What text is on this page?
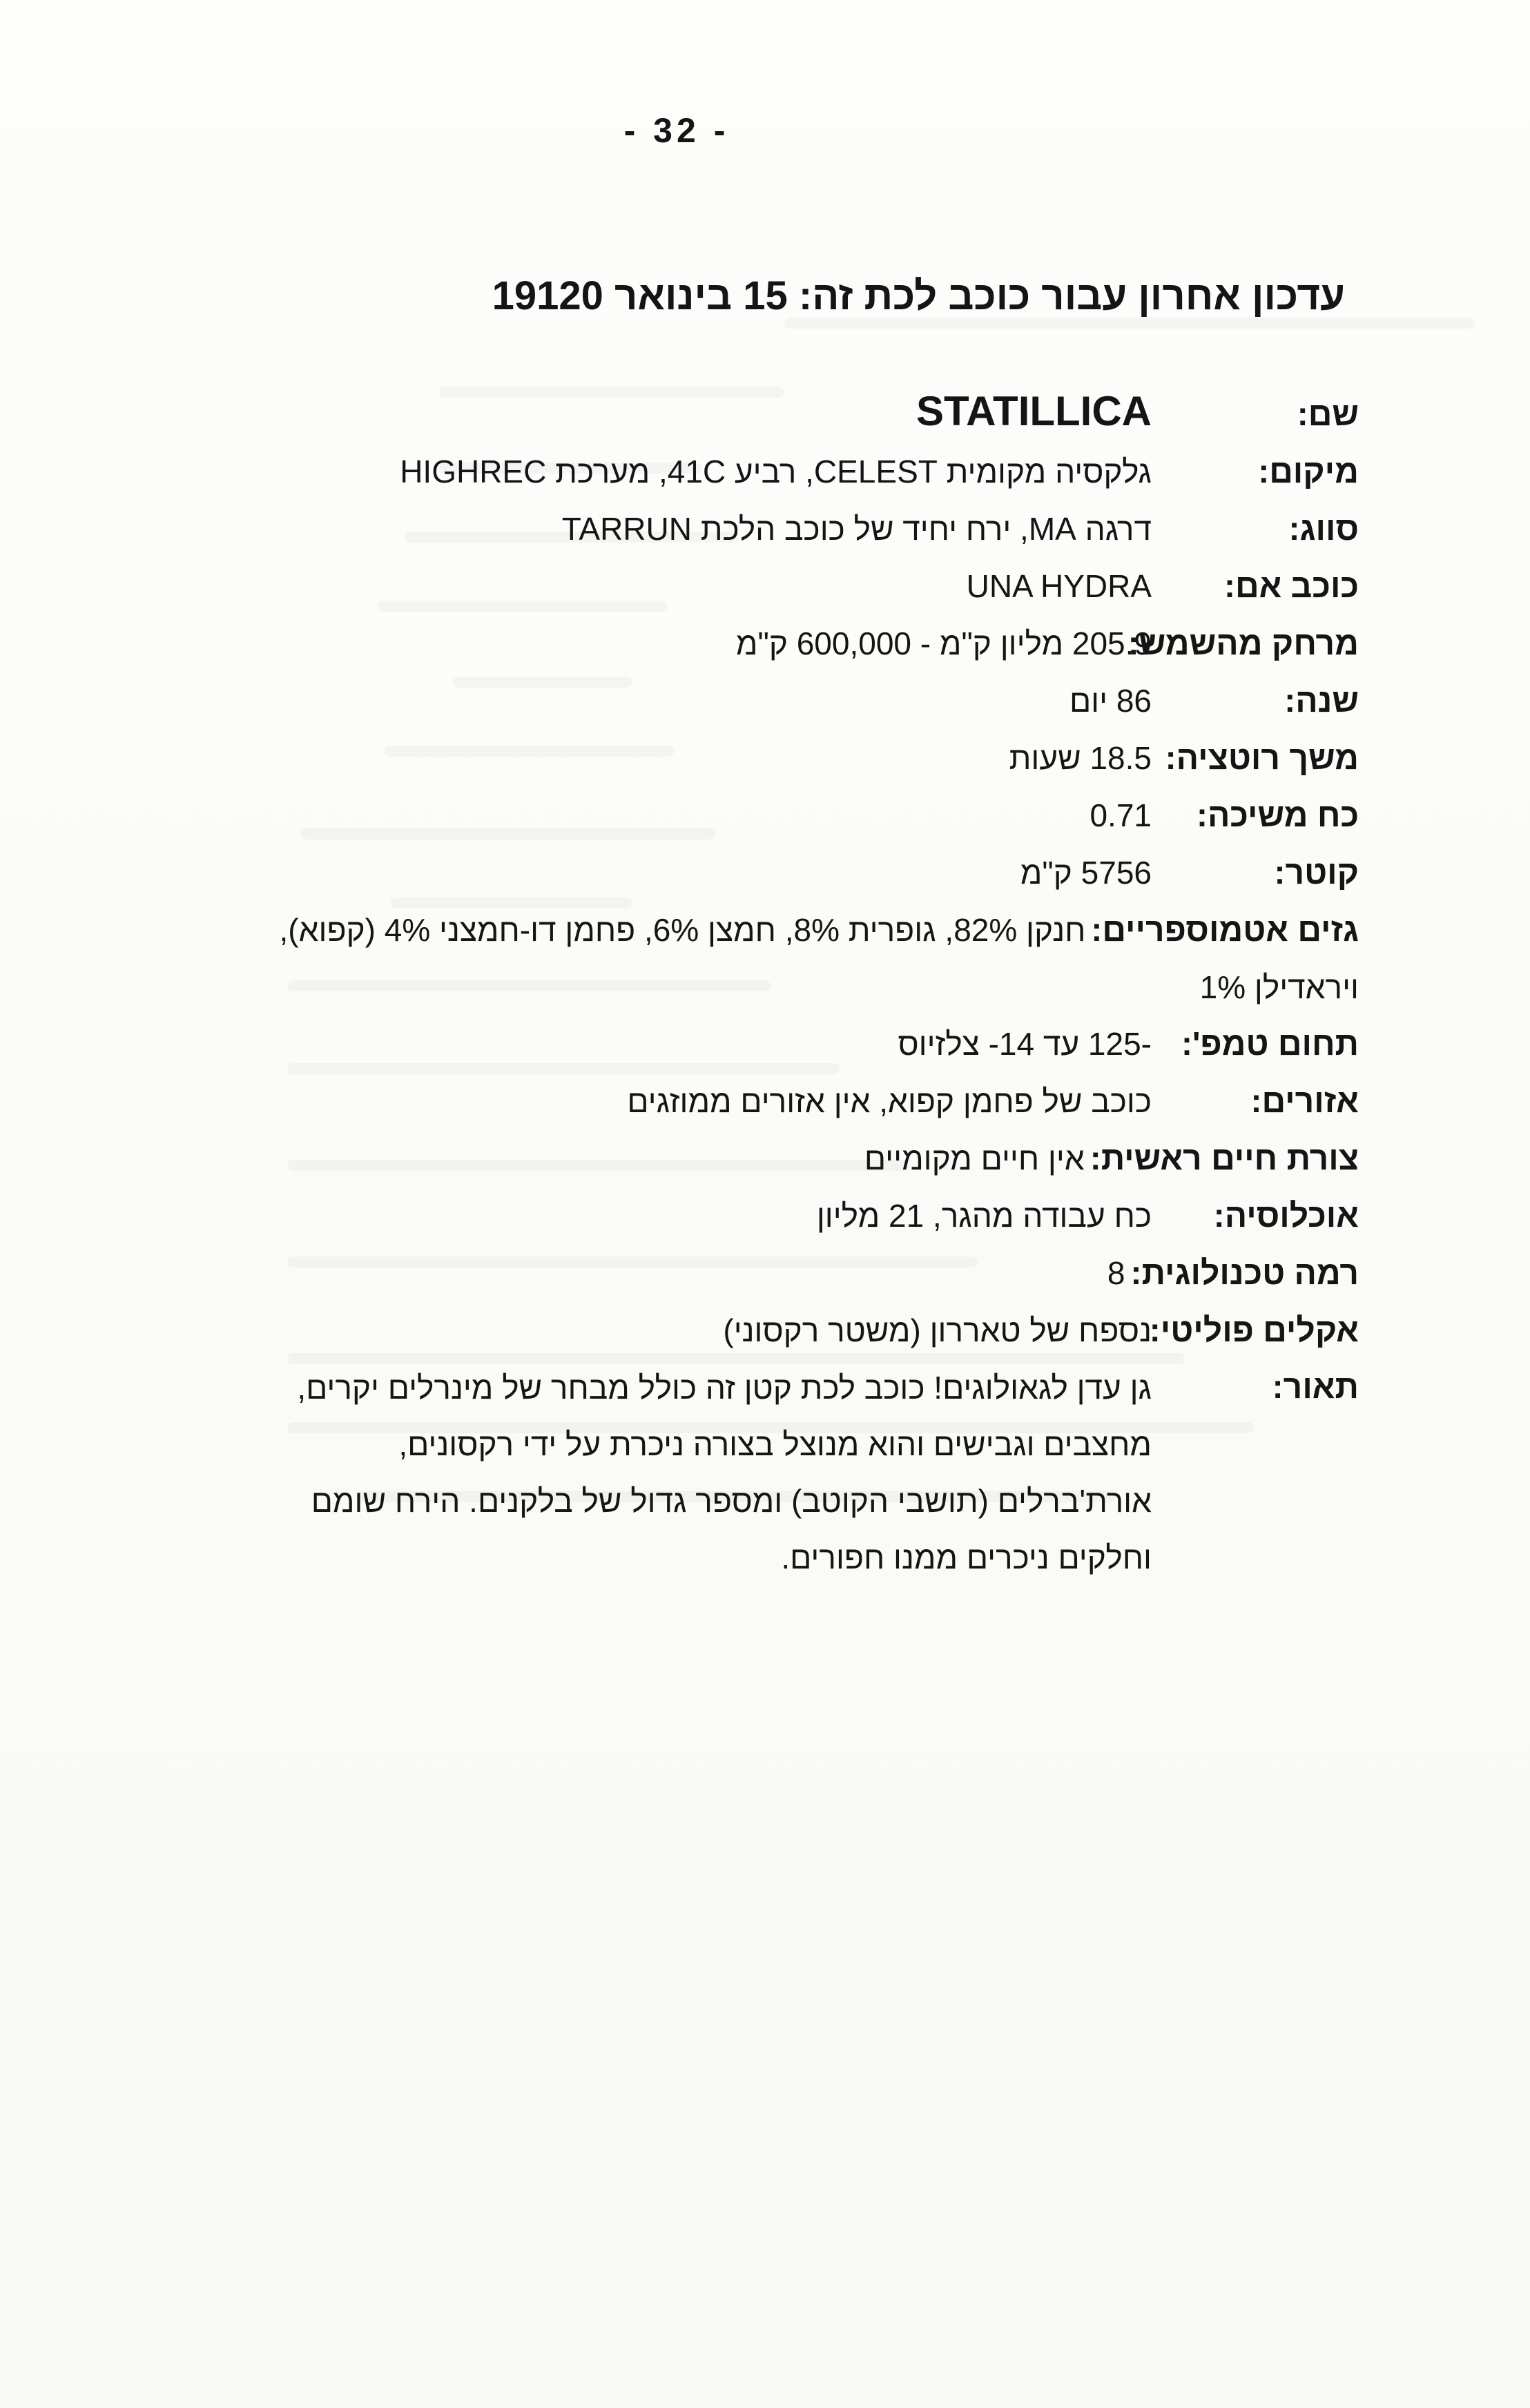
- 32 -
עדכון אחרון עבור כוכב לכת זה: 15 בינואר 19120
שם:
STATILLICA
מיקום:
גלקסיה מקומית CELEST, רביע 41C, מערכת HIGHREC
סווג:
דרגה MA, ירח יחיד של כוכב הלכת TARRUN
כוכב אם:
UNA HYDRA
מרחק מהשמש:
205.9 מליון ק"מ - 600,000 ק"מ
שנה:
86 יום
משך רוטציה:
18.5 שעות
כח משיכה:
0.71
קוטר:
5756 ק"מ
גזים אטמוספריים:
חנקן 82%, גופרית 8%, חמצן 6%, פחמן דו-חמצני 4% (קפוא),
ויראדילן 1%
תחום טמפ':
-125 עד 14- צלזיוס
אזורים:
כוכב של פחמן קפוא, אין אזורים ממוזגים
צורת חיים ראשית:
אין חיים מקומיים
אוכלוסיה:
כח עבודה מהגר, 21 מליון
רמה טכנולוגית:
8
אקלים פוליטי:
נספח של טאררון (משטר רקסוני)
תאור:
גן עדן לגאולוגים! כוכב לכת קטן זה כולל מבחר של מינרלים יקרים,
מחצבים וגבישים והוא מנוצל בצורה ניכרת על ידי רקסונים,
אורת'ברלים (תושבי הקוטב) ומספר גדול של בלקנים. הירח שומם
וחלקים ניכרים ממנו חפורים.
